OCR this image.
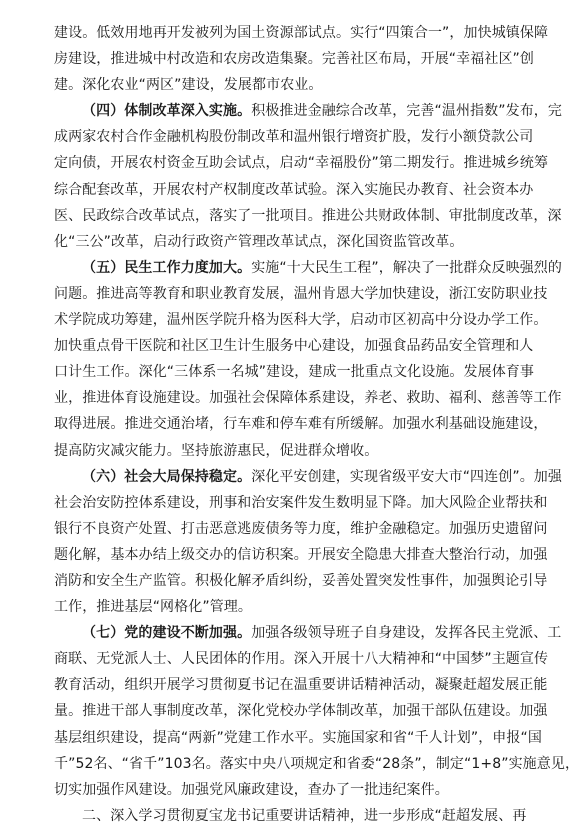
建设。低效用地再开发被列为国土资源部试点。实行“四策合一”，加快城镇保障
房建设，推进城中村改造和农房改造集聚。完善社区布局，开展“幸福社区”创
建。深化农业“两区”建设，发展都市农业。
（四）体制改革深入实施。积极推进金融综合改革，完善“温州指数”发布，完
成两家农村合作金融机构股份制改革和温州银行增资扩股，发行小额贷款公司
定向债，开展农村资金互助会试点，启动“幸福股份”第二期发行。推进城乡统筹
综合配套改革，开展农村产权制度改革试验。深入实施民办教育、社会资本办
医、民政综合改革试点，落实了一批项目。推进公共财政体制、审批制度改革，深
化“三公”改革，启动行政资产管理改革试点，深化国资监管改革。
（五）民生工作力度加大。实施“十大民生工程”，解决了一批群众反映强烈的
问题。推进高等教育和职业教育发展，温州肯恩大学加快建设，浙江安防职业技
术学院成功筹建，温州医学院升格为医科大学，启动市区初高中分设办学工作。
加快重点骨干医院和社区卫生计生服务中心建设，加强食品药品安全管理和人
口计生工作。深化“三体系一名城”建设，建成一批重点文化设施。发展体育事
业，推进体育设施建设。加强社会保障体系建设，养老、救助、福利、慈善等工作
取得进展。推进交通治堵，行车难和停车难有所缓解。加强水利基础设施建设，
提高防灾减灾能力。坚持旅游惠民，促进群众增收。
（六）社会大局保持稳定。深化平安创建，实现省级平安大市“四连创”。加强
社会治安防控体系建设，刑事和治安案件发生数明显下降。加大风险企业帮扶和
银行不良资产处置、打击恶意逃废债务等力度，维护金融稳定。加强历史遗留问
题化解，基本办结上级交办的信访积案。开展安全隐患大排查大整治行动，加强
消防和安全生产监管。积极化解矛盾纠纷，妥善处置突发性事件，加强舆论引导
工作，推进基层“网格化”管理。
（七）党的建设不断加强。加强各级领导班子自身建设，发挥各民主党派、工
商联、无党派人士、人民团体的作用。深入开展十八大精神和“中国梦”主题宣传
教育活动，组织开展学习贯彻夏书记在温重要讲话精神活动，凝聚赶超发展正能
量。推进干部人事制度改革，深化党校办学体制改革，加强干部队伍建设。加强
基层组织建设，提高“两新”党建工作水平。实施国家和省“千人计划”，申报“国
千”52名、“省千”103名。落实中央八项规定和省委“28条”，制定“1+8”实施意见，
切实加强作风建设。加强党风廉政建设，查办了一批违纪案件。
二、深入学习贯彻夏宝龙书记重要讲话精神，进一步形成“赶超发展、再
